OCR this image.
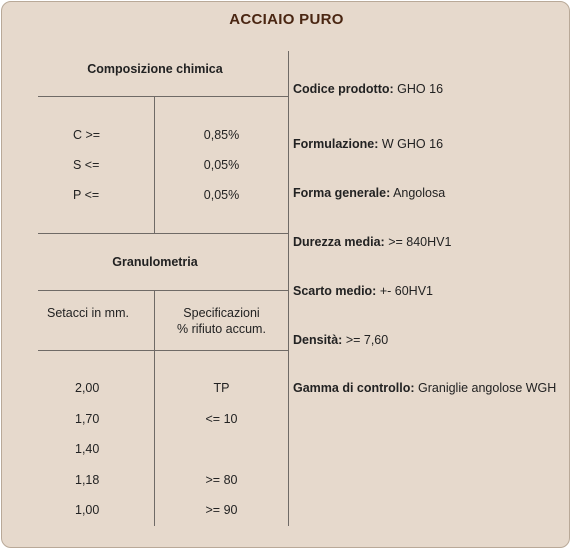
ACCIAIO PURO
Composizione chimica
C >=	0,85%
S <=	0,05%
P <=	0,05%
Granulometria
Setacci in mm.	Specificazioni
% rifiuto accum.
2,00	TP
1,70	<= 10
1,40
1,18	>= 80
1,00	>= 90
Codice prodotto: GHO 16
Formulazione: W GHO 16
Forma generale: Angolosa
Durezza media: >= 840HV1
Scarto medio: +- 60HV1
Densità: >= 7,60
Gamma di controllo: Graniglie angolose WGH
